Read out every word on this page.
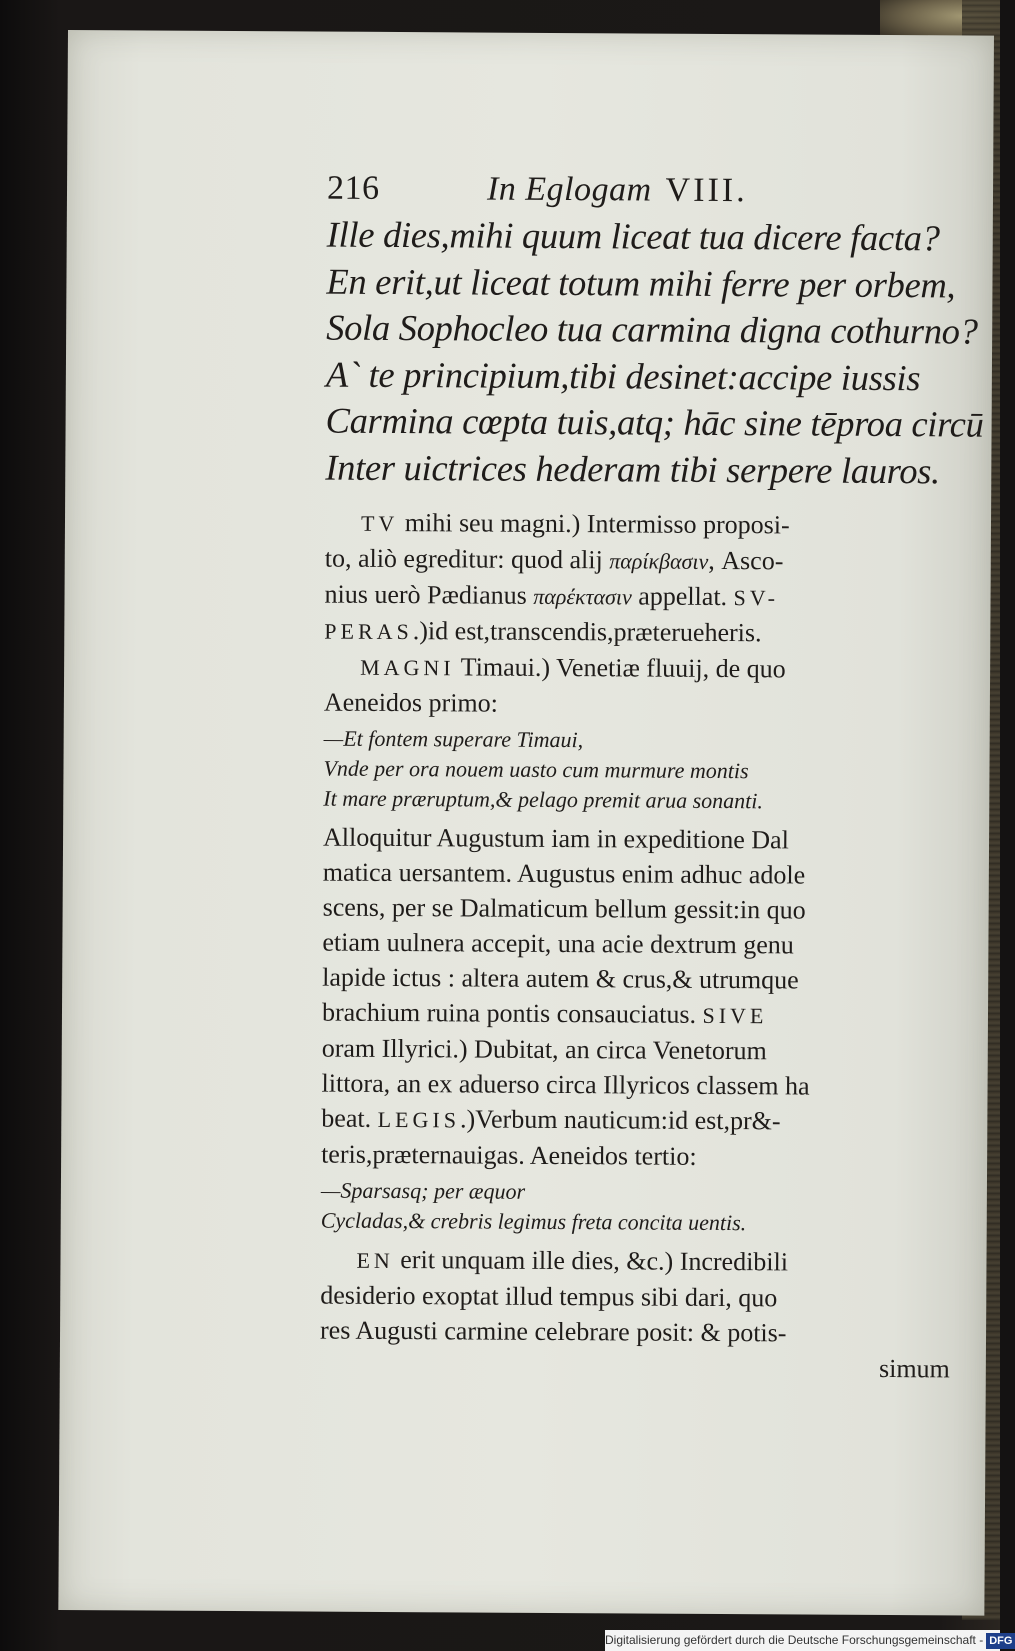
216	In Eglogam VIII.
Ille dies,mihi quum liceat tua dicere facta?
En erit,ut liceat totum mihi ferre per orbem,
Sola Sophocleo tua carmina digna cothurno?
A` te principium,tibi desinet:accipe iussis
Carmina cœpta tuis,atq; hāc sine tēproa circū
Inter uictrices hederam tibi serpere lauros.
TV mihi seu magni.) Intermisso proposi-
to, aliò egreditur: quod alij παρίκβασιν, Asco-
nius uerò Pædianus παρέκτασιν appellat. SV-
PERAS.)id est,transcendis,præterueheris.
MAGNI Timaui.) Venetiæ fluuij, de quo
Aeneidos primo:
—Et fontem superare Timaui,
Vnde per ora nouem uasto cum murmure montis
It mare præruptum,& pelago premit arua sonanti.
Alloquitur Augustum iam in expeditione Dal
matica uersantem. Augustus enim adhuc adole
scens, per se Dalmaticum bellum gessit:in quo
etiam uulnera accepit, una acie dextrum genu
lapide ictus : altera autem & crus,& utrumque
brachium ruina pontis consauciatus. SIVE
oram Illyrici.) Dubitat, an circa Venetorum
littora, an ex aduerso circa Illyricos classem ha
beat. LEGIS.)Verbum nauticum:id est,pr&-
teris,præternauigas. Aeneidos tertio:
—Sparsasq; per æquor
Cycladas,& crebris legimus freta concita uentis.
EN erit unquam ille dies, &c.) Incredibili
desiderio exoptat illud tempus sibi dari, quo
res Augusti carmine celebrare posit: & potis-
simum
Digitalisierung gefördert durch die Deutsche Forschungsgemeinschaft - DFG
